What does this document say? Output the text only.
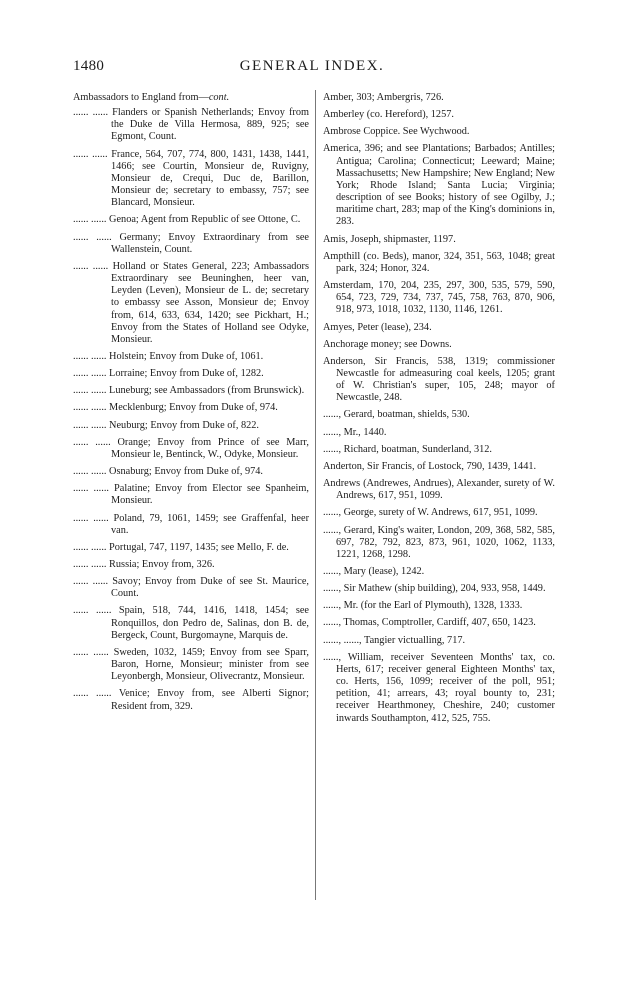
1480	GENERAL INDEX.
Ambassadors to England from—cont.
...... ...... Flanders or Spanish Netherlands; Envoy from the Duke de Villa Hermosa, 889, 925; see Egmont, Count.
...... ...... France, 564, 707, 774, 800, 1431, 1438, 1441, 1466; see Courtin, Monsieur de, Ruvigny, Monsieur de, Crequi, Duc de, Barillon, Monsieur de; secretary to embassy, 757; see Blancard, Monsieur.
...... ...... Genoa; Agent from Republic of see Ottone, C.
...... ...... Germany; Envoy Extraordinary from see Wallenstein, Count.
...... ...... Holland or States General, 223; Ambassadors Extraordinary see Beuninghen, heer van, Leyden (Leven), Monsieur de L. de; secretary to embassy see Asson, Monsieur de; Envoy from, 614, 633, 634, 1420; see Pickhart, H.; Envoy from the States of Holland see Odyke, Monsieur.
...... ...... Holstein; Envoy from Duke of, 1061.
...... ...... Lorraine; Envoy from Duke of, 1282.
...... ...... Luneburg; see Ambassadors (from Brunswick).
...... ...... Mecklenburg; Envoy from Duke of, 974.
...... ...... Neuburg; Envoy from Duke of, 822.
...... ...... Orange; Envoy from Prince of see Marr, Monsieur le, Bentinck, W., Odyke, Monsieur.
...... ...... Osnaburg; Envoy from Duke of, 974.
...... ...... Palatine; Envoy from Elector see Spanheim, Monsieur.
...... ...... Poland, 79, 1061, 1459; see Graffenfal, heer van.
...... ...... Portugal, 747, 1197, 1435; see Mello, F. de.
...... ...... Russia; Envoy from, 326.
...... ...... Savoy; Envoy from Duke of see St. Maurice, Count.
...... ...... Spain, 518, 744, 1416, 1418, 1454; see Ronquillos, don Pedro de, Salinas, don B. de, Bergeck, Count, Burgomayne, Marquis de.
...... ...... Sweden, 1032, 1459; Envoy from see Sparr, Baron, Horne, Monsieur; minister from see Leyonbergh, Monsieur, Olivecrantz, Monsieur.
...... ...... Venice; Envoy from, see Alberti Signor; Resident from, 329.
Amber, 303; Ambergris, 726.
Amberley (co. Hereford), 1257.
Ambrose Coppice. See Wychwood.
America, 396; and see Plantations; Barbados; Antilles; Antigua; Carolina; Connecticut; Leeward; Maine; Massachusetts; New Hampshire; New England; New York; Rhode Island; Santa Lucia; Virginia; description of see Books; history of see Ogilby, J.; maritime chart, 283; map of the King's dominions in, 283.
Amis, Joseph, shipmaster, 1197.
Ampthill (co. Beds), manor, 324, 351, 563, 1048; great park, 324; Honor, 324.
Amsterdam, 170, 204, 235, 297, 300, 535, 579, 590, 654, 723, 729, 734, 737, 745, 758, 763, 870, 906, 918, 973, 1018, 1032, 1130, 1146, 1261.
Amyes, Peter (lease), 234.
Anchorage money; see Downs.
Anderson, Sir Francis, 538, 1319; commissioner Newcastle for admeasuring coal keels, 1205; grant of W. Christian's super, 105, 248; mayor of Newcastle, 248.
......, Gerard, boatman, shields, 530.
......, Mr., 1440.
......, Richard, boatman, Sunderland, 312.
Anderton, Sir Francis, of Lostock, 790, 1439, 1441.
Andrews (Andrewes, Andrues), Alexander, surety of W. Andrews, 617, 951, 1099.
......, George, surety of W. Andrews, 617, 951, 1099.
......, Gerard, King's waiter, London, 209, 368, 582, 585, 697, 782, 792, 823, 873, 961, 1020, 1062, 1133, 1221, 1268, 1298.
......, Mary (lease), 1242.
......, Sir Mathew (ship building), 204, 933, 958, 1449.
......, Mr. (for the Earl of Plymouth), 1328, 1333.
......, Thomas, Comptroller, Cardiff, 407, 650, 1423.
......, ......, Tangier victualling, 717.
......, William, receiver Seventeen Months' tax, co. Herts, 617; receiver general Eighteen Months' tax, co. Herts, 156, 1099; receiver of the poll, 951; petition, 41; arrears, 43; royal bounty to, 231; receiver Hearthmoney, Cheshire, 240; customer inwards Southampton, 412, 525, 755.
